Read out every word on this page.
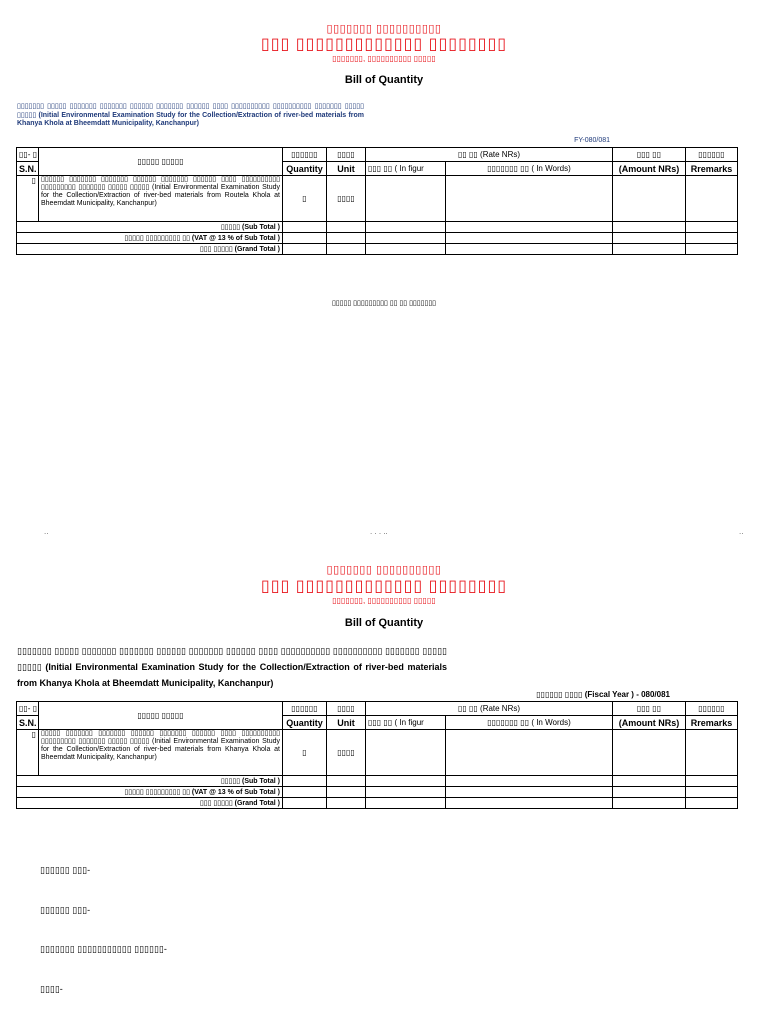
▯▯▯▯▯▯▯ ▯▯▯▯▯▯▯▯▯▯
▯▯▯ ▯▯▯▯▯▯▯▯▯▯▯▯▯ ▯▯▯▯▯▯▯▯
▯▯▯▯▯▯▯, ▯▯▯▯▯▯▯▯▯▯ ▯▯▯▯▯
Bill of Quantity
▯▯▯▯▯▯▯ ▯▯▯▯▯ ▯▯▯▯▯▯▯ ▯▯▯▯▯▯▯ ▯▯▯▯▯▯ ▯▯▯▯▯▯▯ ▯▯▯▯▯▯ ▯▯▯▯ ▯▯▯▯▯▯▯▯▯▯ ▯▯▯▯▯▯▯▯▯▯ ▯▯▯▯▯▯▯ ▯▯▯▯▯ ▯▯▯▯▯ (Initial Environmental Examination Study for the Collection/Extraction of river-bed materials from Khanya Khola at Bheemdatt Municipality, Kanchanpur)
FY-080/081
▯▯- ▯	▯▯▯▯▯ ▯▯▯▯▯	▯▯▯▯▯▯	▯▯▯▯	▯▯ ▯▯ (Rate NRs)		▯▯▯ ▯▯	▯▯▯▯▯▯
S.N.		Quantity	Unit	▯▯▯ ▯▯ ( In figur	▯▯▯▯▯▯▯ ▯▯ ( In Words)	(Amount NRs)	Rremarks
▯	▯▯▯▯▯▯ ▯▯▯▯▯▯▯ ▯▯▯▯▯▯▯ ▯▯▯▯▯▯ ▯▯▯▯▯▯▯ ▯▯▯▯▯▯ ▯▯▯▯ ▯▯▯▯▯▯▯▯▯▯ ▯▯▯▯▯▯▯▯▯ ▯▯▯▯▯▯▯ ▯▯▯▯▯ ▯▯▯▯▯ (Initial Environmental Examination Study for the Collection/Extraction of river-bed materials from Routela Khola at Bheemdatt Municipality, Kanchanpur)	▯	▯▯▯▯				
▯▯▯▯▯ (Sub Total )							
▯▯▯▯▯ ▯▯▯▯▯▯▯▯▯ ▯▯ (VAT @ 13 % of Sub Total )							
▯▯▯ ▯▯▯▯▯ (Grand Total )							
▯▯▯▯▯ ▯▯▯▯▯▯▯▯▯ ▯▯ ▯▯ ▯▯▯▯▯▯▯
..	. . . ..	..
▯▯▯▯▯▯▯ ▯▯▯▯▯▯▯▯▯▯
▯▯▯ ▯▯▯▯▯▯▯▯▯▯▯▯▯ ▯▯▯▯▯▯▯▯
▯▯▯▯▯▯▯, ▯▯▯▯▯▯▯▯▯▯ ▯▯▯▯▯
Bill of Quantity
▯▯▯▯▯▯▯ ▯▯▯▯▯ ▯▯▯▯▯▯▯ ▯▯▯▯▯▯▯ ▯▯▯▯▯▯ ▯▯▯▯▯▯▯ ▯▯▯▯▯▯ ▯▯▯▯ ▯▯▯▯▯▯▯▯▯▯ ▯▯▯▯▯▯▯▯▯▯ ▯▯▯▯▯▯▯ ▯▯▯▯▯ ▯▯▯▯▯ (Initial Environmental Examination Study for the Collection/Extraction of river-bed materials from Khanya Khola at Bheemdatt Municipality, Kanchanpur)
▯▯▯▯▯▯ ▯▯▯▯ (Fiscal Year ) - 080/081
▯▯- ▯	▯▯▯▯▯ ▯▯▯▯▯	▯▯▯▯▯▯	▯▯▯▯	▯▯ ▯▯ (Rate NRs)		▯▯▯ ▯▯	▯▯▯▯▯▯
S.N.		Quantity	Unit	▯▯▯ ▯▯ ( In figur	▯▯▯▯▯▯▯ ▯▯ ( In Words)	(Amount NRs)	Rremarks
▯	▯▯▯▯▯ ▯▯▯▯▯▯▯ ▯▯▯▯▯▯▯ ▯▯▯▯▯▯ ▯▯▯▯▯▯▯ ▯▯▯▯▯▯ ▯▯▯▯ ▯▯▯▯▯▯▯▯▯▯ ▯▯▯▯▯▯▯▯▯ ▯▯▯▯▯▯▯ ▯▯▯▯▯ ▯▯▯▯▯ (Initial Environmental Examination Study for the Collection/Extraction of river-bed materials from Khanya Khola at Bheemdatt Municipality, Kanchanpur)	▯	▯▯▯▯				
▯▯▯▯▯ (Sub Total )							
▯▯▯▯▯ ▯▯▯▯▯▯▯▯▯ ▯▯ (VAT @ 13 % of Sub Total )							
▯▯▯ ▯▯▯▯▯ (Grand Total )							
▯▯▯▯▯▯ ▯▯▯-
▯▯▯▯▯▯ ▯▯▯-
▯▯▯▯▯▯▯ ▯▯▯▯▯▯▯▯▯▯▯ ▯▯▯▯▯▯-
▯▯▯▯-
